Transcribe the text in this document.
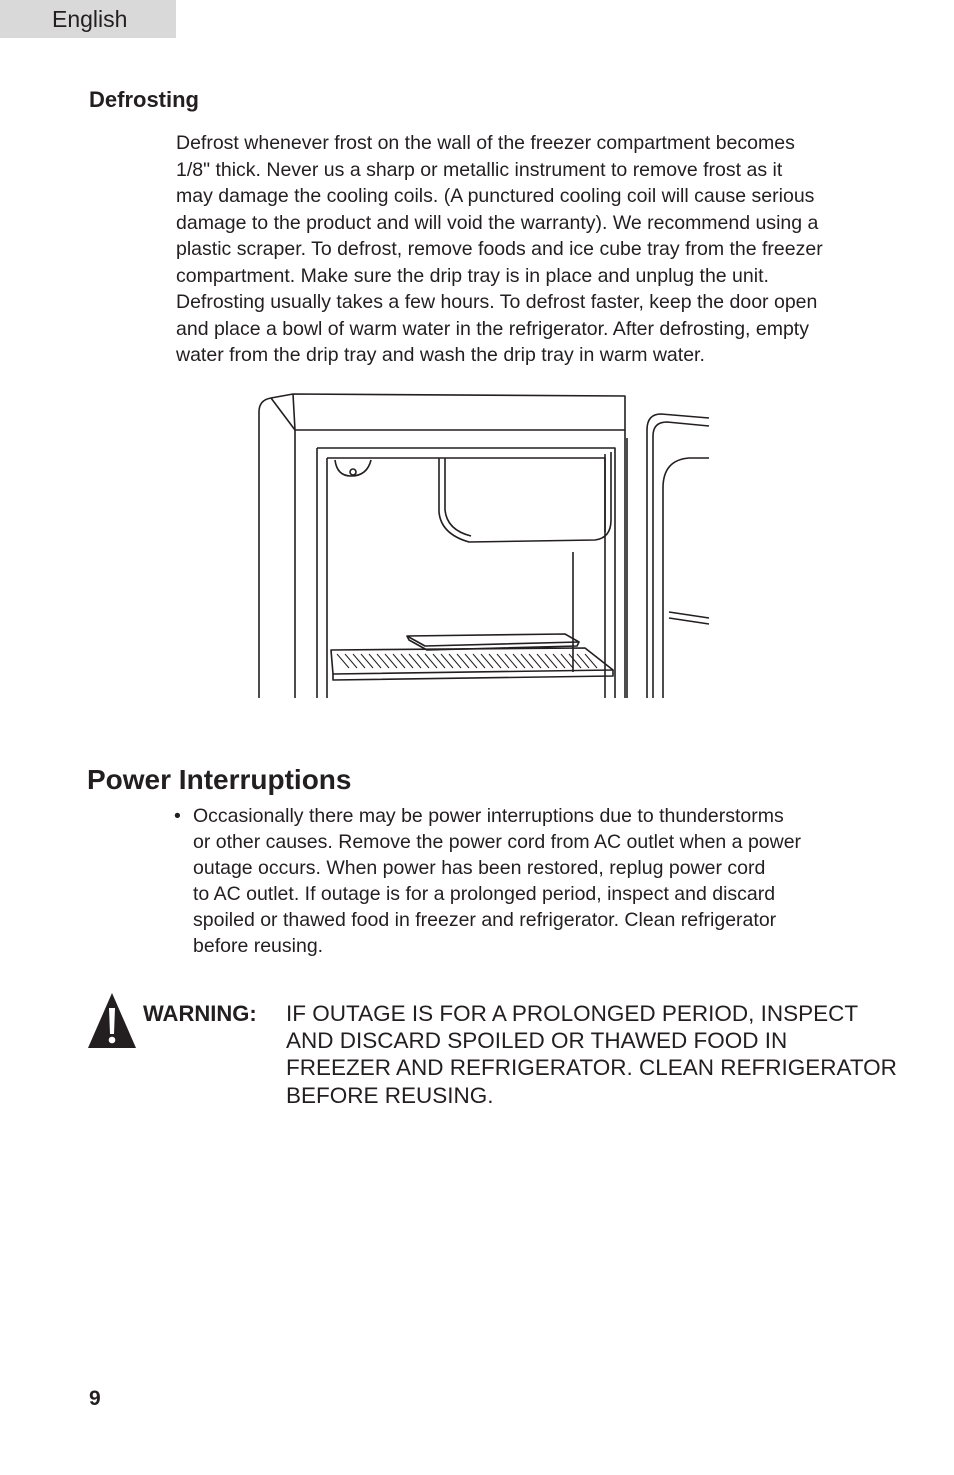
English
Defrosting

Defrost whenever frost on the wall of the freezer compartment becomes
1/8" thick. Never us a sharp or metallic instrument to remove frost as it
may damage the cooling coils. (A punctured cooling coil will cause serious
damage to the product and will void the warranty). We recommend using a
plastic scraper. To defrost, remove foods and ice cube tray from the freezer
compartment. Make sure the drip tray is in place and unplug the unit.
Defrosting usually takes a few hours. To defrost faster, keep the door open
and place a bowl of warm water in the refrigerator. After defrosting, empty
water from the drip tray and wash the drip tray in warm water.

Power Interruptions
• Occasionally there may be power interruptions due to thunderstorms
or other causes. Remove the power cord from AC outlet when a power
outage occurs. When power has been restored, replug power cord
to AC outlet. If outage is for a prolonged period, inspect and discard
spoiled or thawed food in freezer and refrigerator. Clean refrigerator
before reusing.
WARNING: IF OUTAGE IS FOR A PROLONGED PERIOD, INSPECT
AND DISCARD SPOILED OR THAWED FOOD IN
FREEZER AND REFRIGERATOR. CLEAN REFRIGERATOR
BEFORE REUSING.
9
